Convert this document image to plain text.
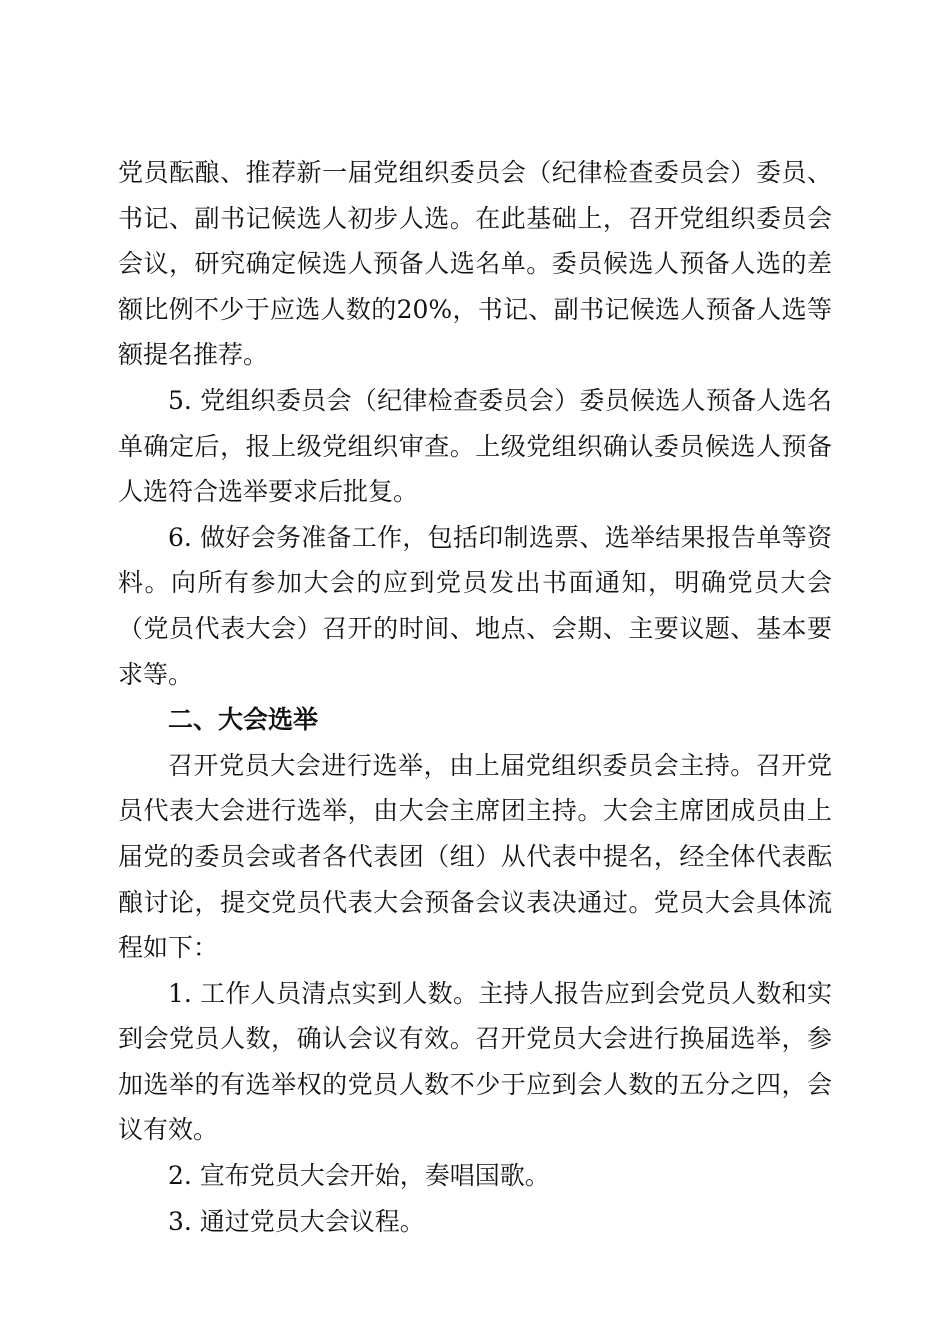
党员酝酿、推荐新一届党组织委员会（纪律检查委员会）委员、书记、副书记候选人初步人选。在此基础上，召开党组织委员会会议，研究确定候选人预备人选名单。委员候选人预备人选的差额比例不少于应选人数的20%，书记、副书记候选人预备人选等额提名推荐。

5. 党组织委员会（纪律检查委员会）委员候选人预备人选名单确定后，报上级党组织审查。上级党组织确认委员候选人预备人选符合选举要求后批复。

6. 做好会务准备工作，包括印制选票、选举结果报告单等资料。向所有参加大会的应到党员发出书面通知，明确党员大会（党员代表大会）召开的时间、地点、会期、主要议题、基本要求等。

二、大会选举

召开党员大会进行选举，由上届党组织委员会主持。召开党员代表大会进行选举，由大会主席团主持。大会主席团成员由上届党的委员会或者各代表团（组）从代表中提名，经全体代表酝酿讨论，提交党员代表大会预备会议表决通过。党员大会具体流程如下：

1. 工作人员清点实到人数。主持人报告应到会党员人数和实到会党员人数，确认会议有效。召开党员大会进行换届选举，参加选举的有选举权的党员人数不少于应到会人数的五分之四，会议有效。

2. 宣布党员大会开始，奏唱国歌。

3. 通过党员大会议程。
